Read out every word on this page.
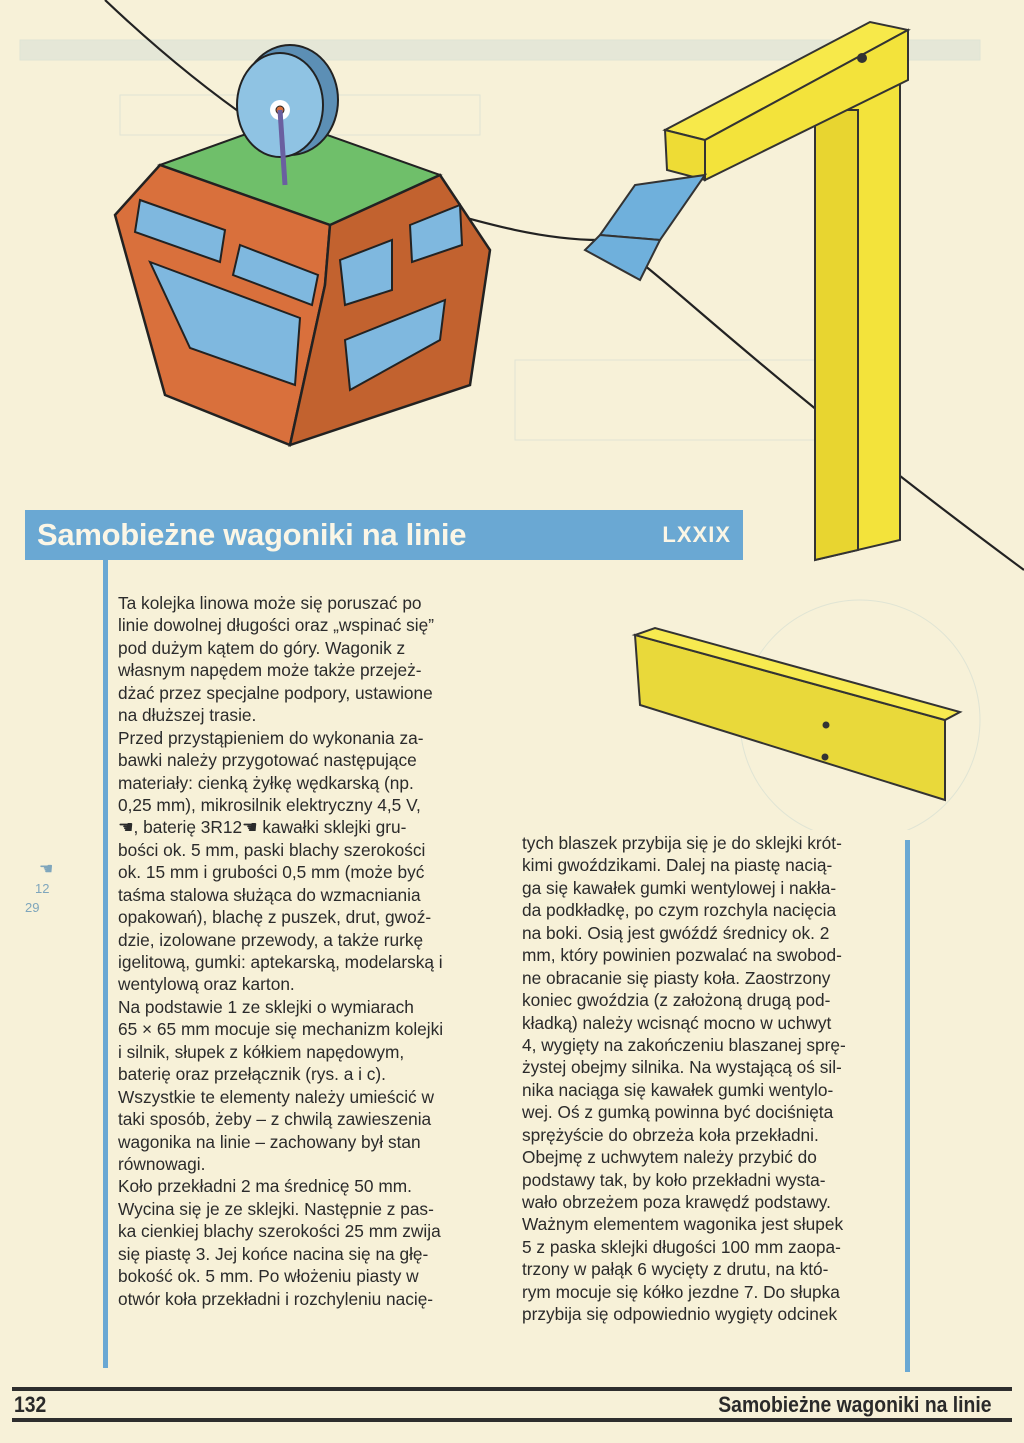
Samobieżne wagoniki na linie	LXXIX
☚
12
29
Ta kolejka linowa może się poruszać po
linie dowolnej długości oraz „wspinać się”
pod dużym kątem do góry. Wagonik z
własnym napędem może także przejeż-
dżać przez specjalne podpory, ustawione
na dłuższej trasie.
Przed przystąpieniem do wykonania za-
bawki należy przygotować następujące
materiały: cienką żyłkę wędkarską (np.
0,25 mm), mikrosilnik elektryczny 4,5 V,
☚, baterię 3R12☚ kawałki sklejki gru-
bości ok. 5 mm, paski blachy szerokości
ok. 15 mm i grubości 0,5 mm (może być
taśma stalowa służąca do wzmacniania
opakowań), blachę z puszek, drut, gwoź-
dzie, izolowane przewody, a także rurkę
igelitową, gumki: aptekarską, modelarską i
wentylową oraz karton.
Na podstawie 1 ze sklejki o wymiarach
65 × 65 mm mocuje się mechanizm kolejki
i silnik, słupek z kółkiem napędowym,
baterię oraz przełącznik (rys. a i c).
Wszystkie te elementy należy umieścić w
taki sposób, żeby – z chwilą zawieszenia
wagonika na linie – zachowany był stan
równowagi.
Koło przekładni 2 ma średnicę 50 mm.
Wycina się je ze sklejki. Następnie z pas-
ka cienkiej blachy szerokości 25 mm zwija
się piastę 3. Jej końce nacina się na głę-
bokość ok. 5 mm. Po włożeniu piasty w
otwór koła przekładni i rozchyleniu nacię-
tych blaszek przybija się je do sklejki krót-
kimi gwoździkami. Dalej na piastę nacią-
ga się kawałek gumki wentylowej i nakła-
da podkładkę, po czym rozchyla nacięcia
na boki. Osią jest gwóźdź średnicy ok. 2
mm, który powinien pozwalać na swobod-
ne obracanie się piasty koła. Zaostrzony
koniec gwoździa (z założoną drugą pod-
kładką) należy wcisnąć mocno w uchwyt
4, wygięty na zakończeniu blaszanej sprę-
żystej obejmy silnika. Na wystającą oś sil-
nika naciąga się kawałek gumki wentylo-
wej. Oś z gumką powinna być dociśnięta
sprężyście do obrzeża koła przekładni.
Obejmę z uchwytem należy przybić do
podstawy tak, by koło przekładni wysta-
wało obrzeżem poza krawędź podstawy.
Ważnym elementem wagonika jest słupek
5 z paska sklejki długości 100 mm zaopa-
trzony w pałąk 6 wycięty z drutu, na któ-
rym mocuje się kółko jezdne 7. Do słupka
przybija się odpowiednio wygięty odcinek
132	Samobieżne wagoniki na linie
